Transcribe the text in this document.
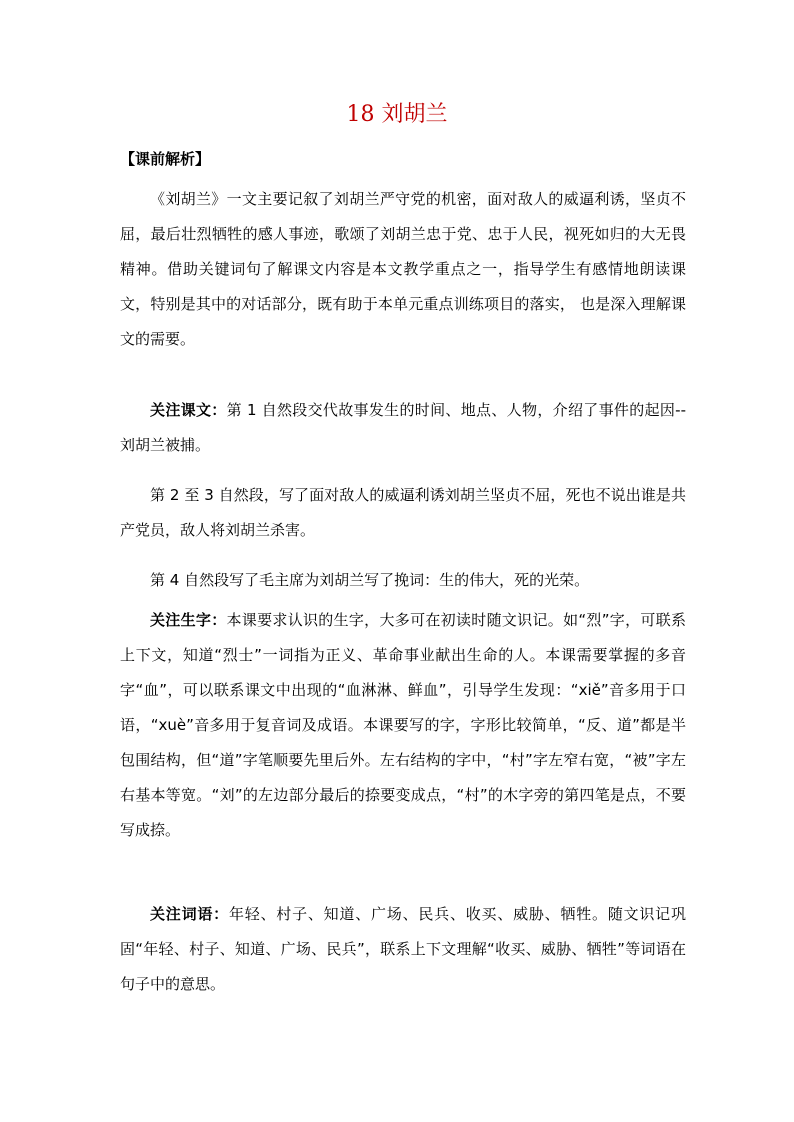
18 刘胡兰
【课前解析】

《刘胡兰》一文主要记叙了刘胡兰严守党的机密，面对敌人的威逼利诱，坚贞不屈，最后壮烈牺牲的感人事迹，歌颂了刘胡兰忠于党、忠于人民，视死如归的大无畏精神。借助关键词句了解课文内容是本文教学重点之一，指导学生有感情地朗读课文，特别是其中的对话部分，既有助于本单元重点训练项目的落实， 也是深入理解课文的需要。

关注课文：第 1 自然段交代故事发生的时间、地点、人物，介绍了事件的起因--刘胡兰被捕。

第 2 至 3 自然段，写了面对敌人的威逼利诱刘胡兰坚贞不屈，死也不说出谁是共产党员，敌人将刘胡兰杀害。

第 4 自然段写了毛主席为刘胡兰写了挽词：生的伟大，死的光荣。

关注生字：本课要求认识的生字，大多可在初读时随文识记。如“烈”字，可联系上下文，知道“烈士”一词指为正义、革命事业献出生命的人。本课需要掌握的多音字“血”，可以联系课文中出现的“血淋淋、鲜血”，引导学生发现：“xiě”音多用于口语，“xuè”音多用于复音词及成语。本课要写的字，字形比较简单，“反、道”都是半包围结构，但“道”字笔顺要先里后外。左右结构的字中，“村”字左窄右宽，“被”字左右基本等宽。“刘”的左边部分最后的捺要变成点，“村”的木字旁的第四笔是点，不要写成捺。

关注词语：年轻、村子、知道、广场、民兵、收买、威胁、牺牲。随文识记巩固“年轻、村子、知道、广场、民兵”，联系上下文理解“收买、威胁、牺牲”等词语在句子中的意思。
